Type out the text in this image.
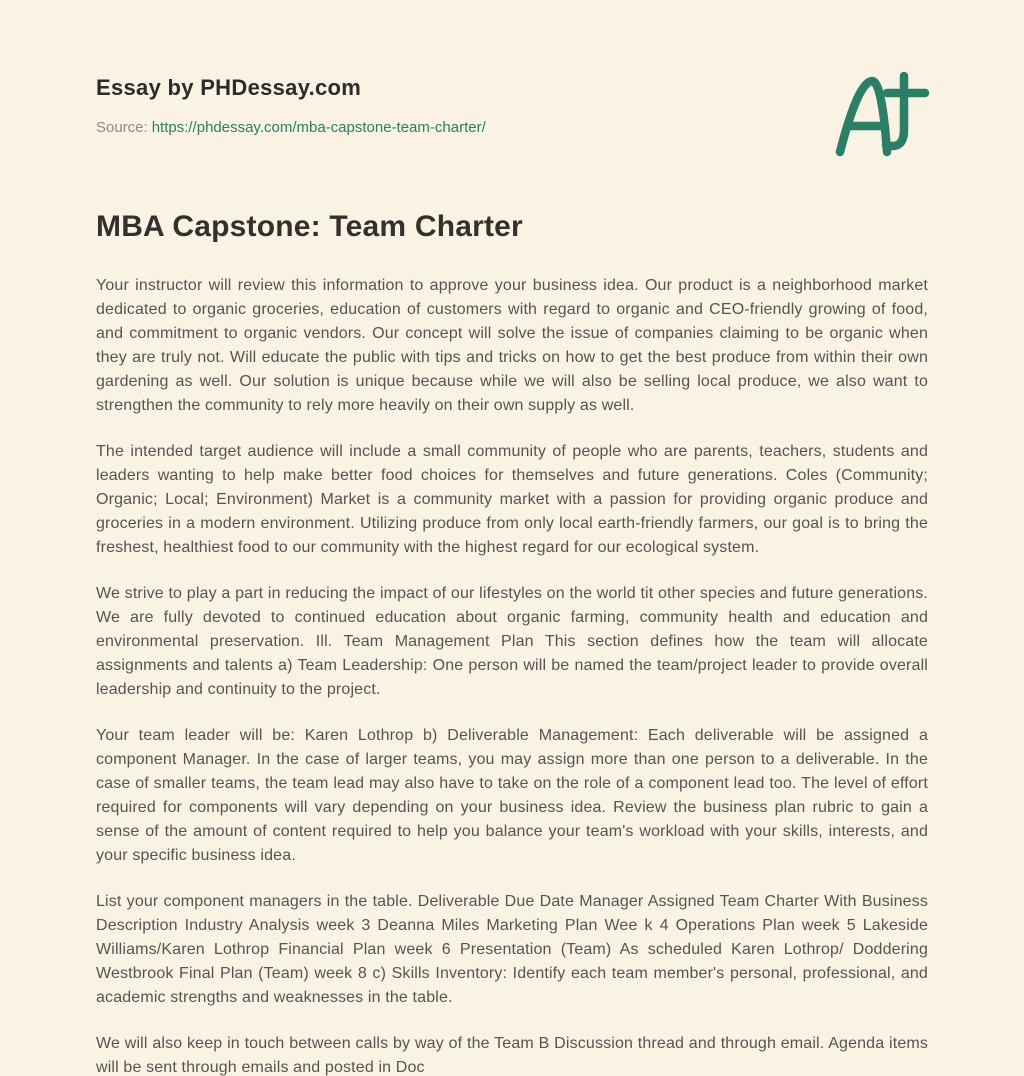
Essay by PHDessay.com

Source: https://phdessay.com/mba-capstone-team-charter/

MBA Capstone: Team Charter

Your instructor will review this information to approve your business idea. Our product is a neighborhood market dedicated to organic groceries, education of customers with regard to organic and CEO-friendly growing of food, and commitment to organic vendors. Our concept will solve the issue of companies claiming to be organic when they are truly not. Will educate the public with tips and tricks on how to get the best produce from within their own gardening as well. Our solution is unique because while we will also be selling local produce, we also want to strengthen the community to rely more heavily on their own supply as well.

The intended target audience will include a small community of people who are parents, teachers, students and leaders wanting to help make better food choices for themselves and future generations. Coles (Community; Organic; Local; Environment) Market is a community market with a passion for providing organic produce and groceries in a modern environment. Utilizing produce from only local earth-friendly farmers, our goal is to bring the freshest, healthiest food to our community with the highest regard for our ecological system.

We strive to play a part in reducing the impact of our lifestyles on the world tit other species and future generations. We are fully devoted to continued education about organic farming, community health and education and environmental preservation. Ill. Team Management Plan This section defines how the team will allocate assignments and talents a) Team Leadership: One person will be named the team/project leader to provide overall leadership and continuity to the project.

Your team leader will be: Karen Lothrop b) Deliverable Management: Each deliverable will be assigned a component Manager. In the case of larger teams, you may assign more than one person to a deliverable. In the case of smaller teams, the team lead may also have to take on the role of a component lead too. The level of effort required for components will vary depending on your business idea. Review the business plan rubric to gain a sense of the amount of content required to help you balance your team's workload with your skills, interests, and your specific business idea.

List your component managers in the table. Deliverable Due Date Manager Assigned Team Charter With Business Description Industry Analysis week 3 Deanna Miles Marketing Plan Wee k 4 Operations Plan week 5 Lakeside Williams/Karen Lothrop Financial Plan week 6 Presentation (Team) As scheduled Karen Lothrop/ Doddering Westbrook Final Plan (Team) week 8 c) Skills Inventory: Identify each team member's personal, professional, and academic strengths and weaknesses in the table.

We will also keep in touch between calls by way of the Team B Discussion thread and through email. Agenda items will be sent through emails and posted in Doc
